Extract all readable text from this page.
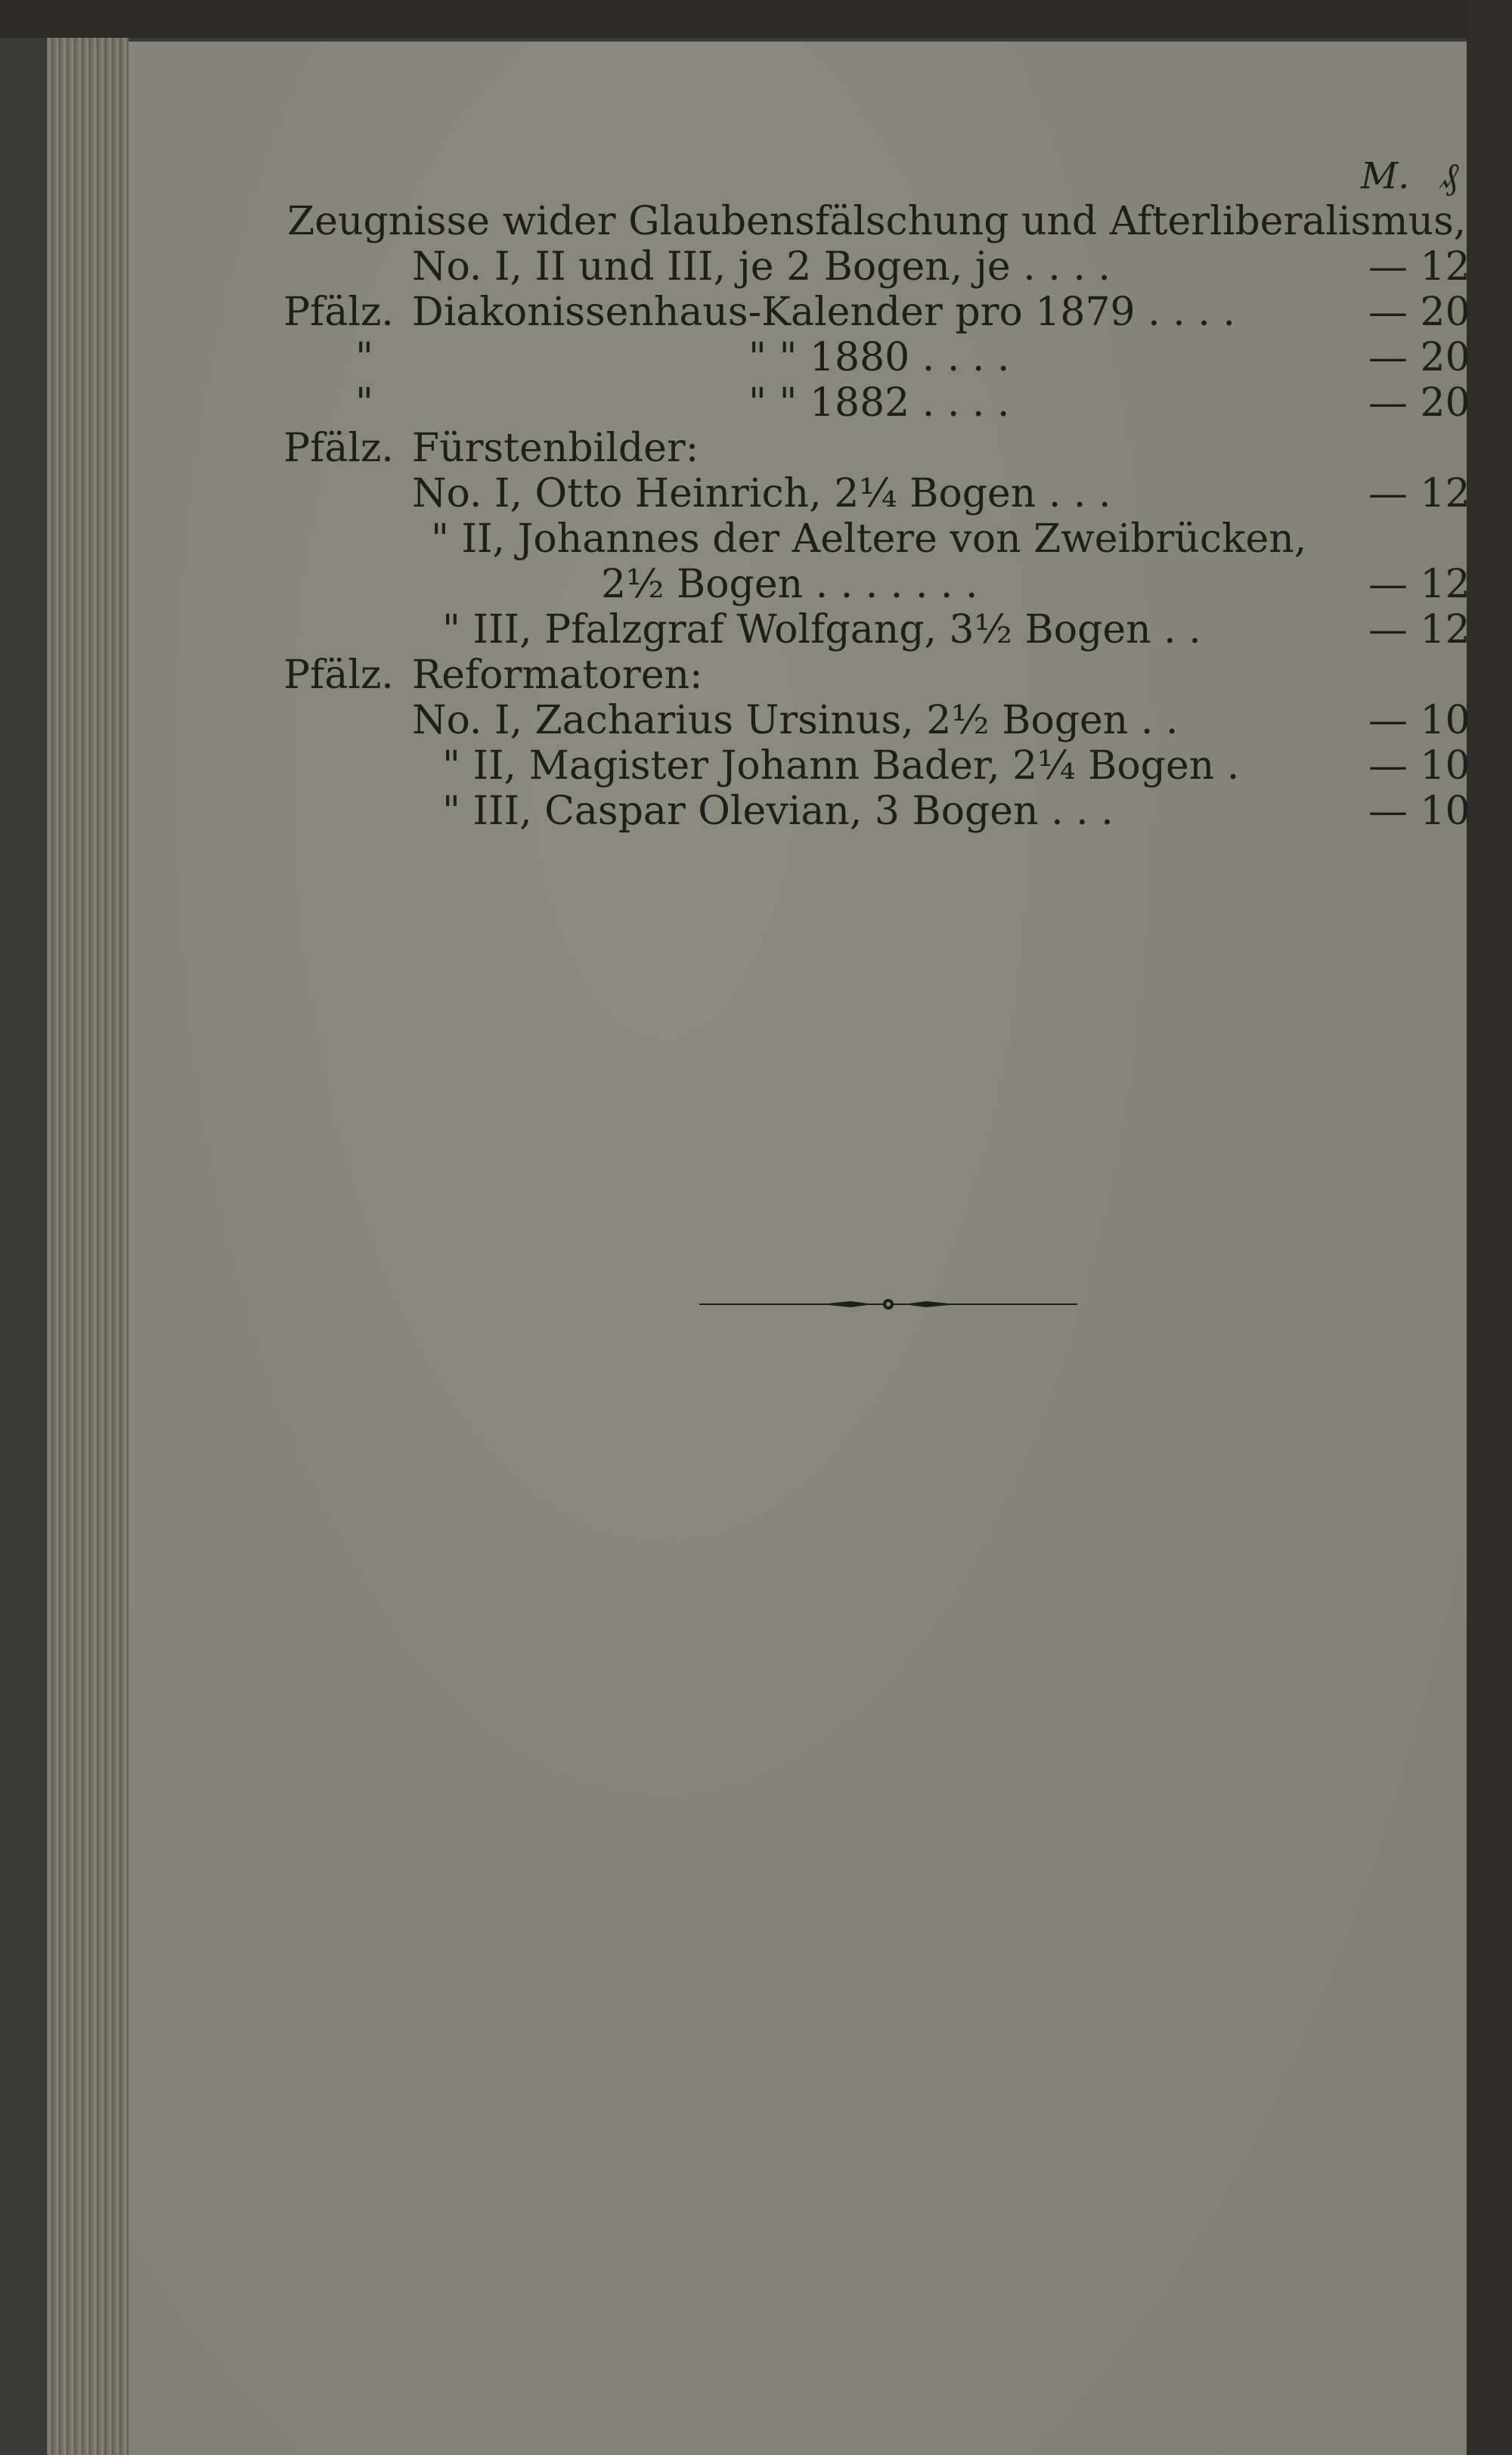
M. ₰
Zeugnisse wider Glaubensfälschung und Afterliberalismus,
No. I, II und III, je 2 Bogen, je . . . .	— 12
Pfälz. Diakonissenhaus-Kalender pro 1879 . . . .	— 20
"	" " 1880 . . . .	— 20
"	" " 1882 . . . .	— 20
Pfälz. Fürstenbilder:
No. I, Otto Heinrich, 2¼ Bogen . . .	— 12
" II, Johannes der Aeltere von Zweibrücken,
2½ Bogen . . . . . . .	— 12
" III, Pfalzgraf Wolfgang, 3½ Bogen . .	— 12
Pfälz. Reformatoren:
No. I, Zacharius Ursinus, 2½ Bogen . .	— 10
" II, Magister Johann Bader, 2¼ Bogen .	— 10
" III, Caspar Olevian, 3 Bogen . . .	— 10
